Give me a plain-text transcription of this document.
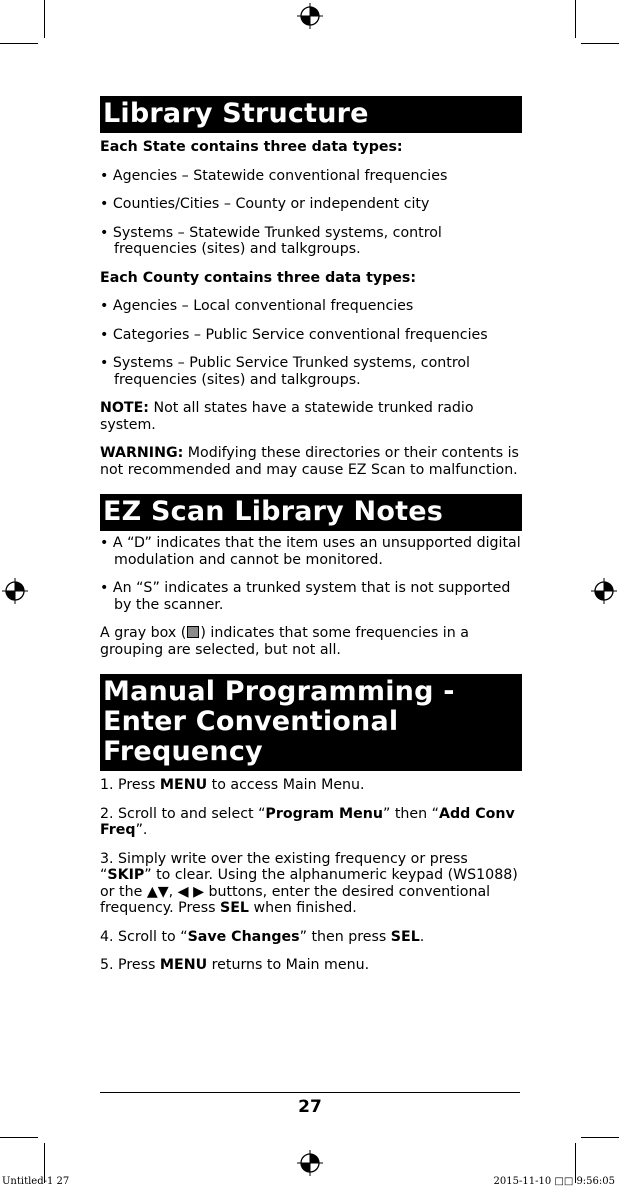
Library Structure

Each State contains three data types:

• Agencies – Statewide conventional frequencies

• Counties/Cities – County or independent city

• Systems – Statewide Trunked systems, control frequencies (sites) and talkgroups.

Each County contains three data types:

• Agencies – Local conventional frequencies

• Categories – Public Service conventional frequencies

• Systems – Public Service Trunked systems, control frequencies (sites) and talkgroups.

NOTE: Not all states have a statewide trunked radio system.

WARNING: Modifying these directories or their contents is not recommended and may cause EZ Scan to malfunction.

EZ Scan Library Notes

• A “D” indicates that the item uses an unsupported digital modulation and cannot be monitored.

• An “S” indicates a trunked system that is not supported by the scanner.

A gray box ( ) indicates that some frequencies in a grouping are selected, but not all.

Manual Programming - Enter Conventional Frequency

1. Press MENU to access Main Menu.

2. Scroll to and select “Program Menu” then “Add Conv Freq”.

3. Simply write over the existing frequency or press “SKIP” to clear. Using the alphanumeric keypad (WS1088) or the ▲▼, ◀ ▶ buttons, enter the desired conventional frequency. Press SEL when finished.

4. Scroll to “Save Changes” then press SEL.

5. Press MENU returns to Main menu.

27
Untitled-1 27	2015-11-10 □□ 9:56:05
